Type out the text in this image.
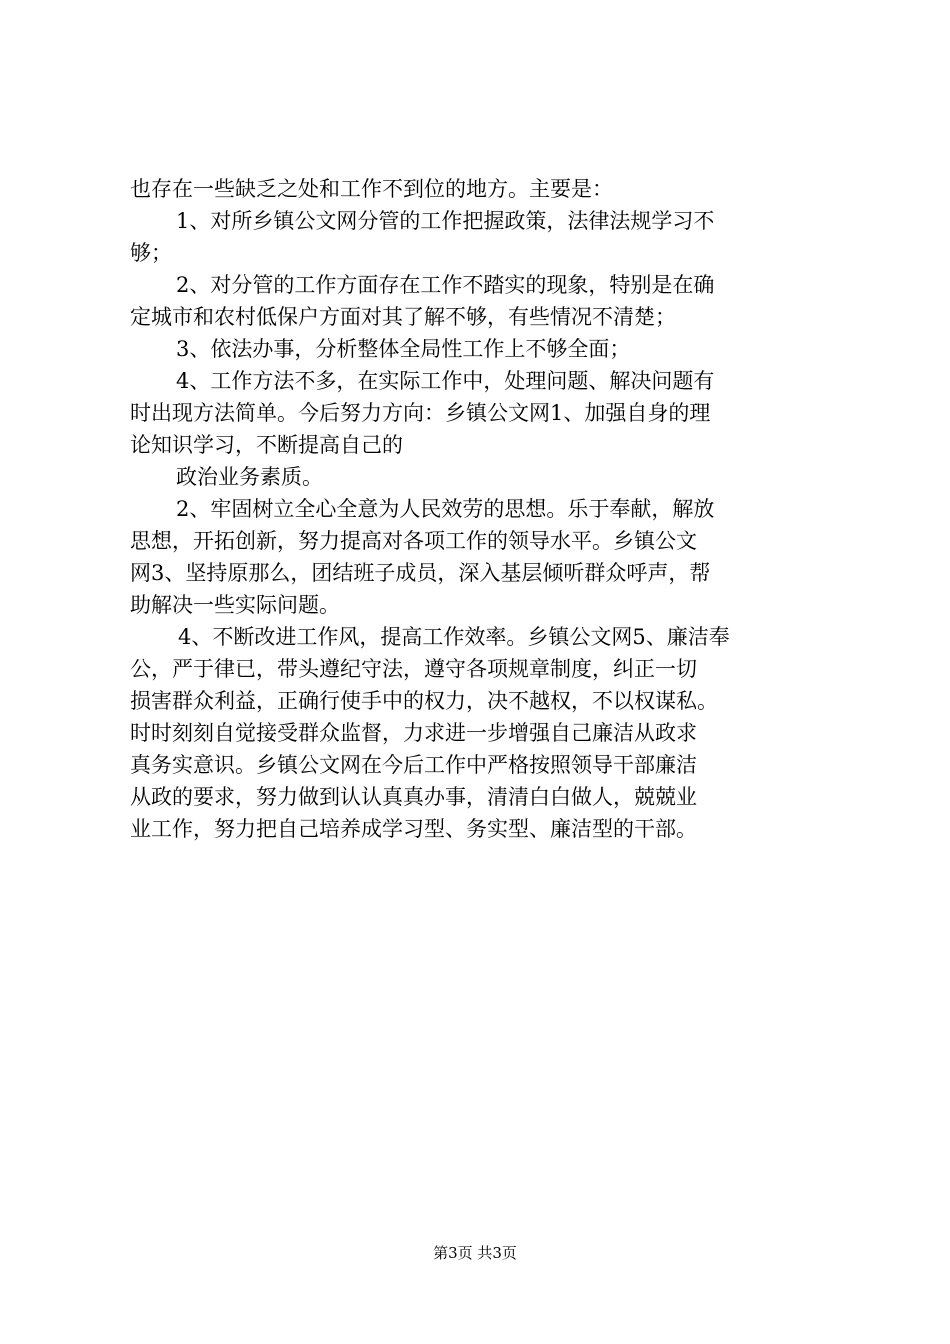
也存在一些缺乏之处和工作不到位的地方。主要是：
1、对所乡镇公文网分管的工作把握政策，法律法规学习不
够；
2、对分管的工作方面存在工作不踏实的现象，特别是在确
定城市和农村低保户方面对其了解不够，有些情况不清楚；
3、依法办事，分析整体全局性工作上不够全面；
4、工作方法不多，在实际工作中，处理问题、解决问题有
时出现方法简单。今后努力方向：乡镇公文网1、加强自身的理
论知识学习，不断提高自己的
政治业务素质。
2、牢固树立全心全意为人民效劳的思想。乐于奉献，解放
思想，开拓创新，努力提高对各项工作的领导水平。乡镇公文
网3、坚持原那么，团结班子成员，深入基层倾听群众呼声，帮
助解决一些实际问题。
4、不断改进工作风，提高工作效率。乡镇公文网5、廉洁奉
公，严于律已，带头遵纪守法，遵守各项规章制度，纠正一切
损害群众利益，正确行使手中的权力，决不越权，不以权谋私。
时时刻刻自觉接受群众监督，力求进一步增强自己廉洁从政求
真务实意识。乡镇公文网在今后工作中严格按照领导干部廉洁
从政的要求，努力做到认认真真办事，清清白白做人，兢兢业
业工作，努力把自己培养成学习型、务实型、廉洁型的干部。
第3页 共3页
